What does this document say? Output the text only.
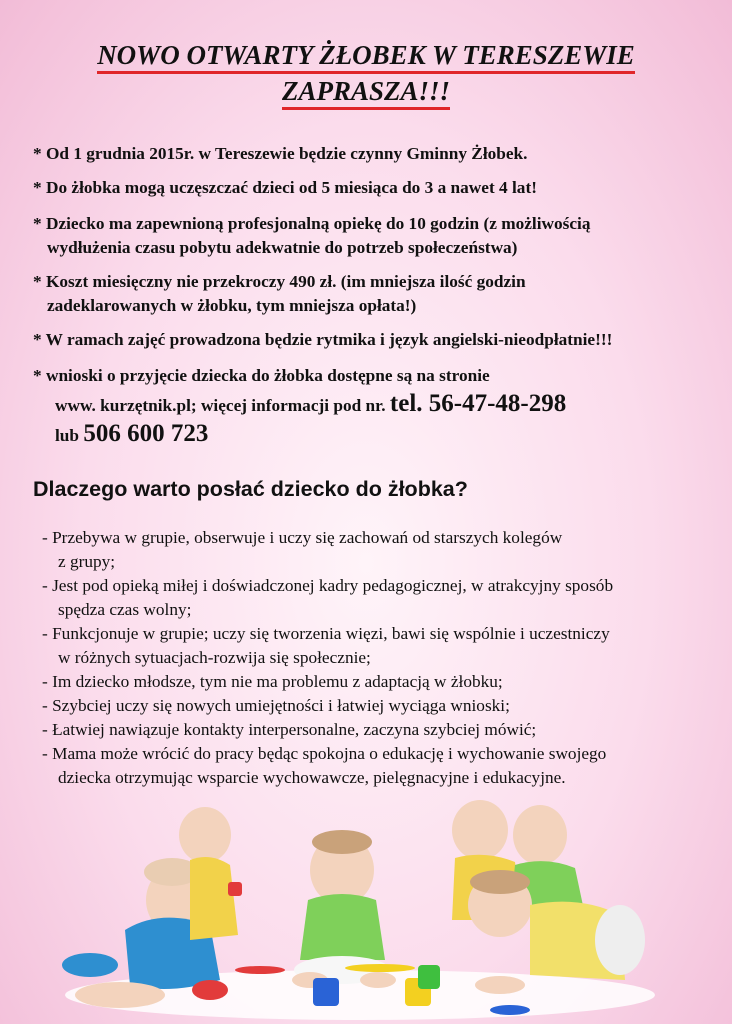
NOWO OTWARTY ŻŁOBEK W TERESZEWIE
ZAPRASZA!!!
* Od 1 grudnia 2015r. w Tereszewie będzie czynny Gminny Żłobek.
* Do żłobka mogą uczęszczać dzieci od 5 miesiąca do 3 a nawet 4 lat!
* Dziecko ma zapewnioną profesjonalną opiekę do 10 godzin (z możliwością
wydłużenia czasu pobytu adekwatnie do potrzeb społeczeństwa)
* Koszt miesięczny nie przekroczy 490 zł. (im mniejsza ilość godzin
zadeklarowanych w żłobku, tym mniejsza opłata!)
* W ramach zajęć prowadzona będzie rytmika i język angielski-nieodpłatnie!!!
* wnioski o przyjęcie dziecka do żłobka dostępne są na stronie
www. kurzętnik.pl; więcej informacji pod nr. tel. 56-47-48-298
lub 506 600 723
Dlaczego warto posłać dziecko do żłobka?
- Przebywa w grupie, obserwuje i uczy się zachowań od starszych kolegów
z grupy;
- Jest pod opieką miłej i doświadczonej kadry pedagogicznej, w atrakcyjny sposób
spędza czas wolny;
- Funkcjonuje w grupie; uczy się tworzenia więzi, bawi się wspólnie i uczestniczy
w różnych sytuacjach-rozwija się społecznie;
- Im dziecko młodsze, tym nie ma problemu z adaptacją w żłobku;
- Szybciej uczy się nowych umiejętności i łatwiej wyciąga wnioski;
- Łatwiej nawiązuje kontakty interpersonalne, zaczyna szybciej mówić;
- Mama może wrócić do pracy będąc spokojna o edukację i wychowanie swojego
dziecka otrzymując wsparcie wychowawcze, pielęgnacyjne i edukacyjne.
